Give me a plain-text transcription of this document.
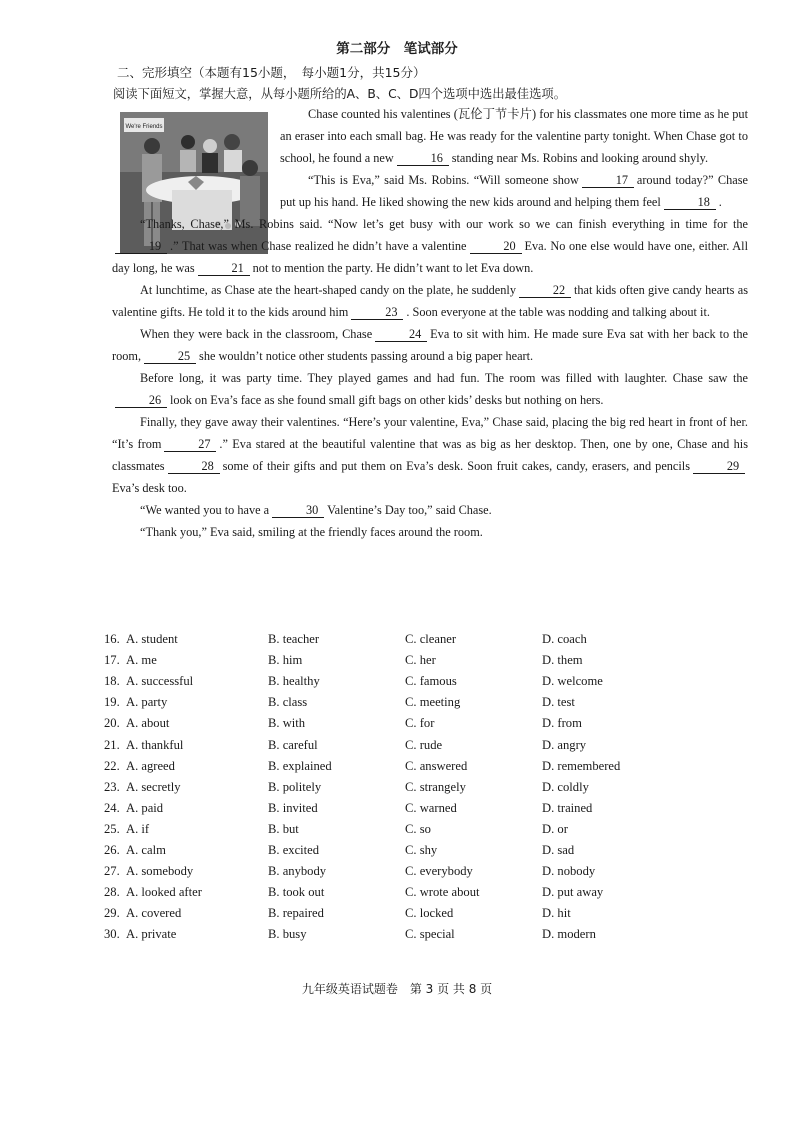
第二部分　笔试部分
二、完形填空（本题有15小题，　每小题1分，共15分）
阅读下面短文，掌握大意，从每小题所给的A、B、C、D四个选项中选出最佳选项。
We're Friends

Chase counted his valentines (瓦伦丁节卡片) for his classmates one more time as he put an eraser into each small bag. He was ready for the valentine party tonight. When Chase got to school, he found a new	16 standing near Ms. Robins and looking around shyly.

“This is Eva,” said Ms. Robins. “Will someone show	17 around today?” Chase put up his hand. He liked showing the new kids around and helping them feel	18 .

“Thanks, Chase,” Ms. Robins said. “Now let’s get busy with our work so we can finish everything in time for the19 .” That was when Chase realized he didn’t have a valentine	20 Eva. No one else would have one, either. All day long, he was	21 not to mention the party. He didn’t want to let Eva down.

At lunchtime, as Chase ate the heart-shaped candy on the plate, he suddenly	22 that kids often give candy hearts as valentine gifts. He told it to the kids around him	23 . Soon everyone at the table was nodding and talking about it.

When they were back in the classroom, Chase	24 Eva to sit with him. He made sure Eva sat with her back to the room,	25 she wouldn’t notice other students passing around a big paper heart.

Before long, it was party time. They played games and had fun. The room was filled with laughter. Chase saw the26 look on Eva’s face as she found small gift bags on other kids’ desks but nothing on hers.

Finally, they gave away their valentines. “Here’s your valentine, Eva,” Chase said, placing the big red heart in front of her. “It’s from	27 .” Eva stared at the beautiful valentine that was as big as her desktop. Then, one by one, Chase and his classmates	28 some of their gifts and put them on Eva’s desk. Soon fruit cakes, candy, erasers, and pencils	29Eva’s desk too.

“We wanted you to have a	30 Valentine’s Day too,” said Chase.

“Thank you,” Eva said, smiling at the friendly faces around the room.

16. A. student	B. teacher	C. cleaner	D. coach
17. A. me	B. him	C. her	D. them
18. A. successful	B. healthy	C. famous	D. welcome
19. A. party	B. class	C. meeting	D. test
20. A. about	B. with	C. for	D. from
21. A. thankful	B. careful	C. rude	D. angry
22. A. agreed	B. explained	C. answered	D. remembered
23. A. secretly	B. politely	C. strangely	D. coldly
24. A. paid	B. invited	C. warned	D. trained
25. A. if	B. but	C. so	D. or
26. A. calm	B. excited	C. shy	D. sad
27. A. somebody	B. anybody	C. everybody	D. nobody
28. A. looked after	B. took out	C. wrote about	D. put away
29. A. covered	B. repaired	C. locked	D. hit
30. A. private	B. busy	C. special	D. modern
九年级英语试题卷　第 3 页 共 8 页
